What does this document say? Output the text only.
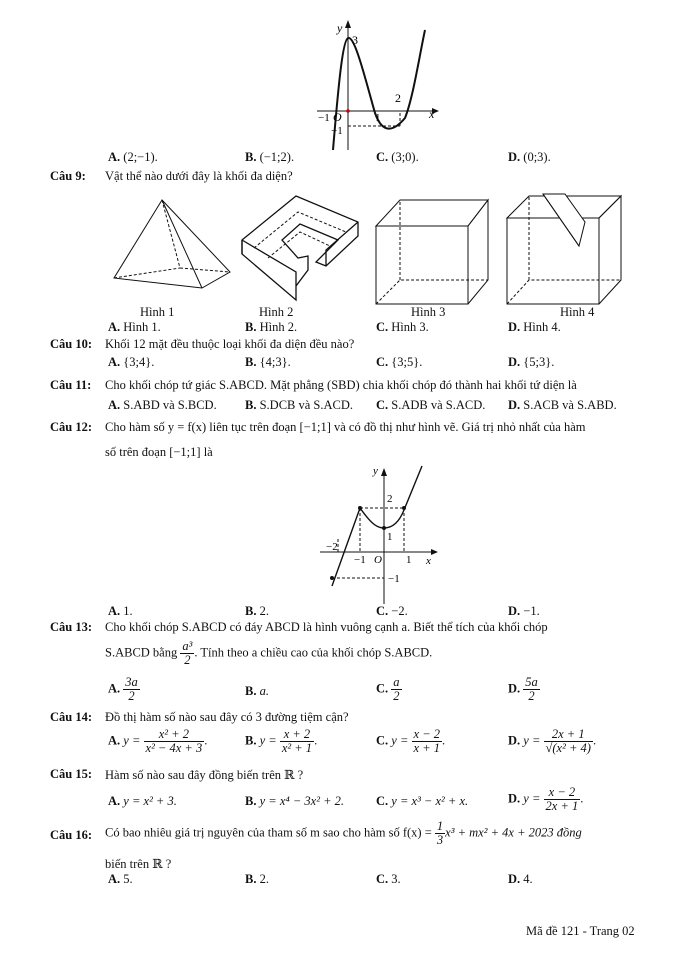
y
x
O
3
2
1
−1
−1
A. (2;−1).	B. (−1;2).	C. (3;0).	D. (0;3).
Câu 9: Vật thể nào dưới đây là khối đa diện?
Hình 1	Hình 2	Hình 3	Hình 4
A. Hình 1.	B. Hình 2.	C. Hình 3.	D. Hình 4.
Câu 10: Khối 12 mặt đều thuộc loại khối đa diện đều nào?
A. {3;4}.	B. {4;3}.	C. {3;5}.	D. {5;3}.
Câu 11: Cho khối chóp tứ giác S.ABCD. Mặt phẳng (SBD) chia khối chóp đó thành hai khối tứ diện là
A. S.ABD và S.BCD. B. S.DCB và S.ACD. C. S.ADB và S.ACD. D. S.ACB và S.ABD.
Câu 12: Cho hàm số y = f(x) liên tục trên đoạn [−1;1] và có đồ thị như hình vẽ. Giá trị nhỏ nhất của hàm
số trên đoạn [−1;1] là
y
x
O
2
1
−2
−1	1
−1
A. 1.	B. 2.	C. −2.	D. −1.
Câu 13: Cho khối chóp S.ABCD có đáy ABCD là hình vuông cạnh a. Biết thể tích của khối chóp
S.ABCD bằng $\frac{\text{a³}}{2}$ . Tính theo a chiều cao của khối chóp S.ABCD.
A. $\frac{3a}{2}$	B. a.	C. $\frac{a}{2}$	D. $\frac{5a}{2}$
Câu 14: Đồ thị hàm số nào sau đây có 3 đường tiệm cận?
A. $y = \frac{\text{x² + 2}}{\text{x² − 4x + 3}}$ .	B. $y = \frac{x + 2}{\text{x² + 1}}$ .	C. $y = \frac{x - 2}{x + 1}$ .	D. $y = \frac{2x + 1}{\text{√(x² + 4)}}$ .
Câu 15: Hàm số nào sau đây đồng biến trên ℝ ?
A. y = x² + 3.	B. y = x⁴ − 3x² + 2.	C. y = x³ − x² + x.	D. $y = \frac{x - 2}{2x + 1}$ .
Câu 16: Có bao nhiêu giá trị nguyên của tham số m sao cho hàm số $f(x) = \frac{1}{3} x^3 + mx^2 + 4x + 2023$ đồng
biến trên ℝ ?
A. 5.	B. 2.	C. 3.	D. 4.
Mã đề 121 - Trang 02
